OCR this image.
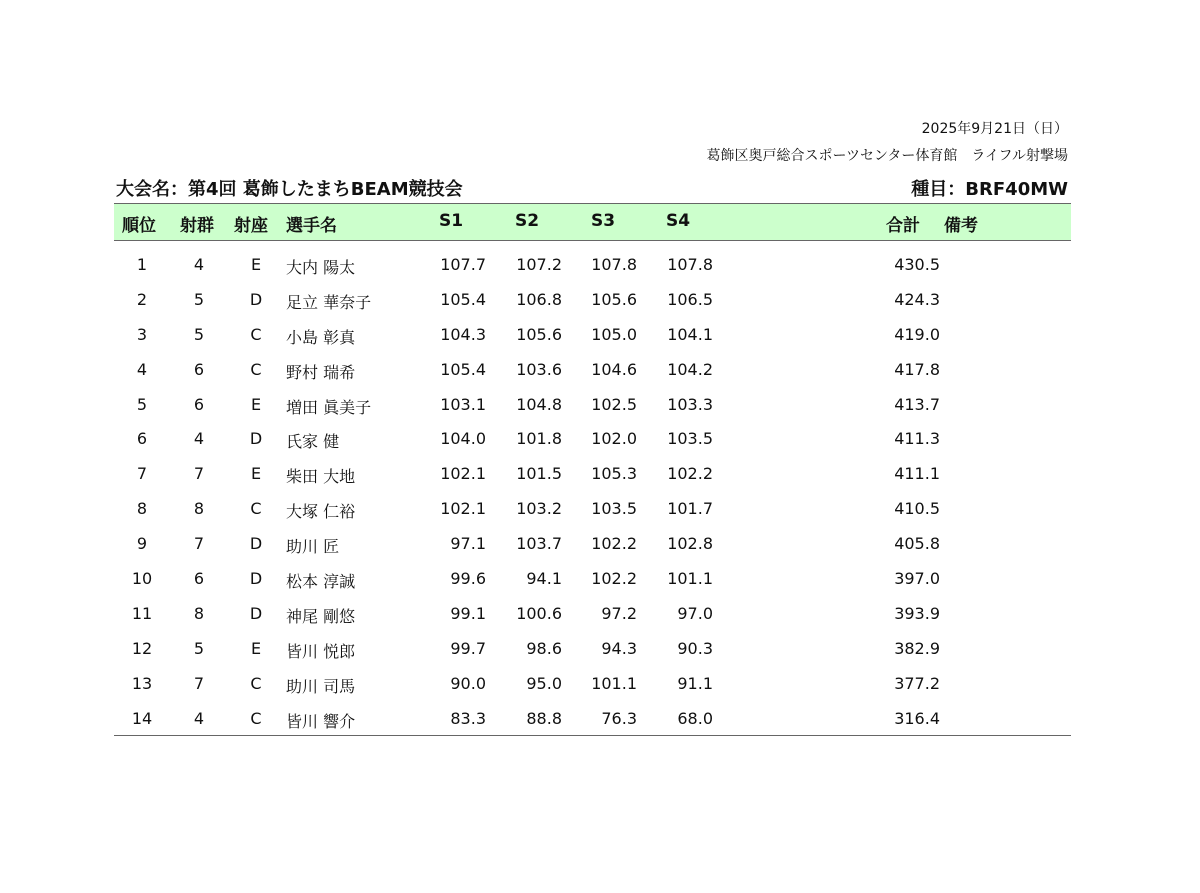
2025年9月21日（日）
葛飾区奥戸総合スポーツセンター体育館　ライフル射撃場
大会名：第4回 葛飾したまちBEAM競技会	種目：BRF40MW
順位 射群 射座 選手名	S1	S2	S3	S4	合計 備考
1	4	E	大内 陽太	107.7	107.2	107.8	107.8	430.5
2	5	D 足立 華奈子	105.4	106.8	105.6	106.5	424.3
3	5	C 小島 彰真	104.3	105.6	105.0	104.1	419.0
4	6	C 野村 瑞希	105.4	103.6	104.6	104.2	417.8
5	6	E	増田 眞美子	103.1	104.8	102.5	103.3	413.7
6	4	D 氏家 健	104.0	101.8	102.0	103.5	411.3
7	7	E	柴田 大地	102.1	101.5	105.3	102.2	411.1
8	8	C 大塚 仁裕	102.1	103.2	103.5	101.7	410.5
9	7	D 助川 匠	97.1	103.7	102.2	102.8	405.8
10	6	D 松本 淳誠	99.6	94.1	102.2	101.1	397.0
11	8	D 神尾 剛悠	99.1	100.6	97.2	97.0	393.9
12	5	E	皆川 悦郎	99.7	98.6	94.3	90.3	382.9
13	7	C 助川 司馬	90.0	95.0	101.1	91.1	377.2
14	4	C 皆川 響介	83.3	88.8	76.3	68.0	316.4
